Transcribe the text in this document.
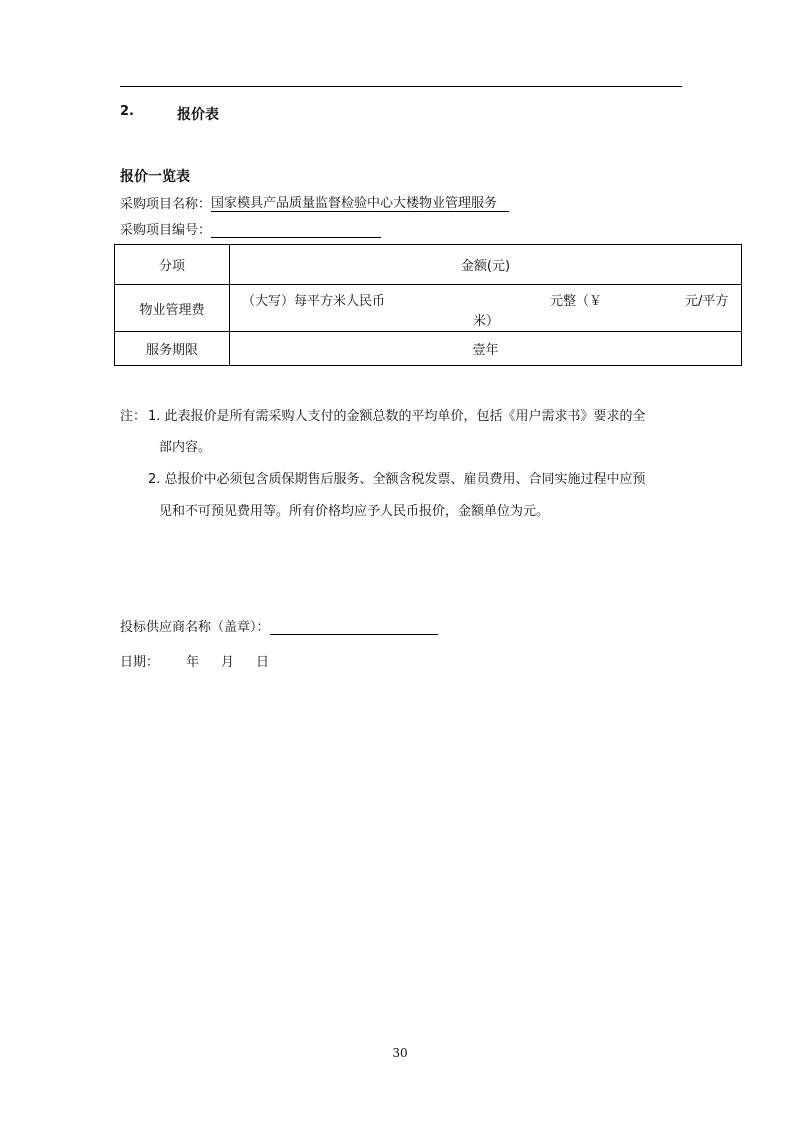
2.	报价表
报价一览表
采购项目名称：国家模具产品质量监督检验中心大楼物业管理服务
采购项目编号：
分项	金额(元)
物业管理费	（大写）每平方米人民币 元整（￥ 元/平方
米）

服务期限	壹年
注： 1. 此表报价是所有需采购人支付的金额总数的平均单价，包括《用户需求书》要求的全
部内容。
2. 总报价中必须包含质保期售后服务、全额含税发票、雇员费用、合同实施过程中应预
见和不可预见费用等。所有价格均应予人民币报价，金额单位为元。
投标供应商名称（盖章）：
日期： 年 月 日
30
